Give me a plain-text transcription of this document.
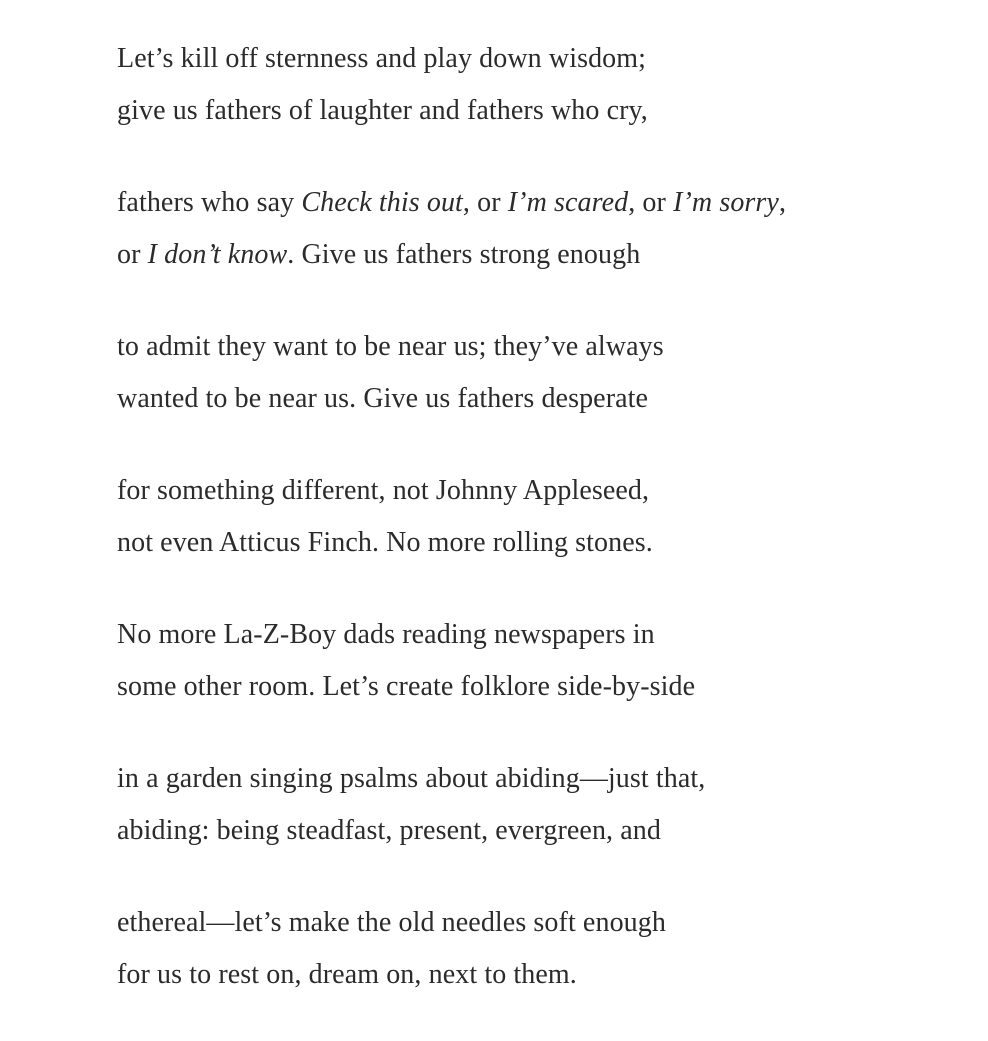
Let’s kill off sternness and play down wisdom;
give us fathers of laughter and fathers who cry,
fathers who say Check this out, or I’m scared, or I’m sorry,
or I don’t know. Give us fathers strong enough
to admit they want to be near us; they’ve always
wanted to be near us. Give us fathers desperate
for something different, not Johnny Appleseed,
not even Atticus Finch. No more rolling stones.
No more La-Z-Boy dads reading newspapers in
some other room. Let’s create folklore side-by-side
in a garden singing psalms about abiding—just that,
abiding: being steadfast, present, evergreen, and
ethereal—let’s make the old needles soft enough
for us to rest on, dream on, next to them.
